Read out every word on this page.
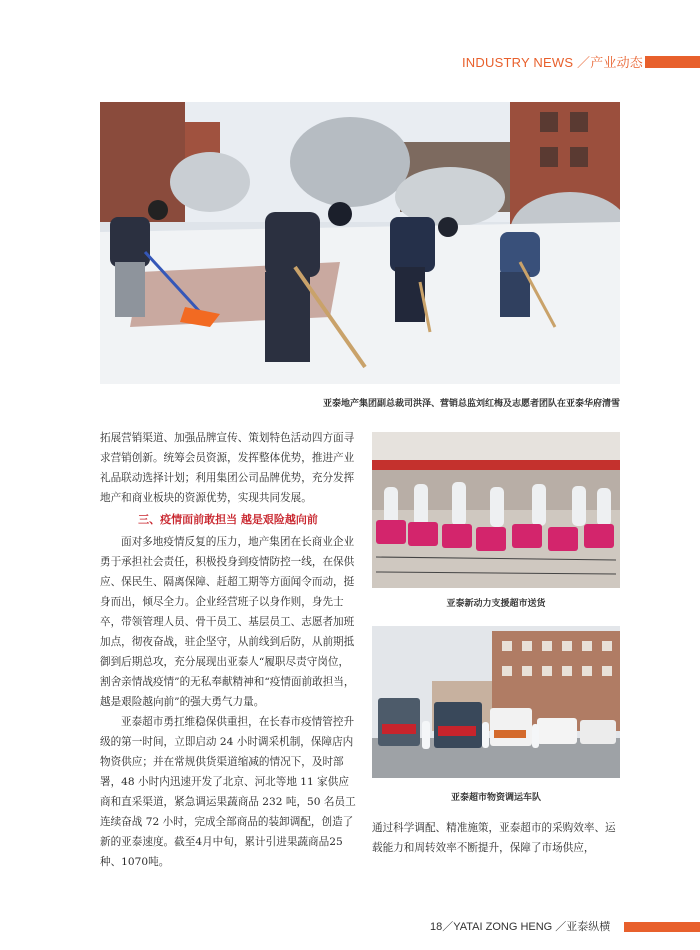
INDUSTRY NEWS ／产业动态
亚泰地产集团副总裁司洪泽、营销总监刘红梅及志愿者团队在亚泰华府清雪

拓展营销渠道、加强品牌宣传、策划特色活动四方面寻求营销创新。统筹会员资源，发挥整体优势，推进产业礼品联动选择计划；利用集团公司品牌优势，充分发挥地产和商业板块的资源优势，实现共同发展。

三、疫情面前敢担当 越是艰险越向前

面对多地疫情反复的压力，地产集团在长商业企业勇于承担社会责任，积极投身到疫情防控一线，在保供应、保民生、隔离保障、赶超工期等方面闻令而动，挺身而出，倾尽全力。企业经营班子以身作则，身先士卒，带领管理人员、骨干员工、基层员工、志愿者加班加点，彻夜奋战，驻企坚守，从前线到后防，从前期抵御到后期总攻，充分展现出亚泰人“履职尽责守岗位，割舍亲情战疫情”的无私奉献精神和“疫情面前敢担当，越是艰险越向前”的强大勇气力量。

亚泰超市勇扛维稳保供重担，在长春市疫情管控升级的第一时间，立即启动 24 小时调采机制，保障店内物资供应；并在常规供货渠道缩减的情况下，及时部署，48 小时内迅速开发了北京、河北等地 11 家供应商和直采渠道，紧急调运果蔬商品 232 吨，50 名员工连续奋战 72 小时，完成全部商品的装卸调配，创造了新的亚泰速度。截至4月中旬，累计引进果蔬商品25种、1070吨。

亚泰新动力支援超市送货
亚泰超市物资调运车队

通过科学调配、精准施策，亚泰超市的采购效率、运载能力和周转效率不断提升，保障了市场供应，

18／YATAI ZONG HENG ／亚泰纵横
